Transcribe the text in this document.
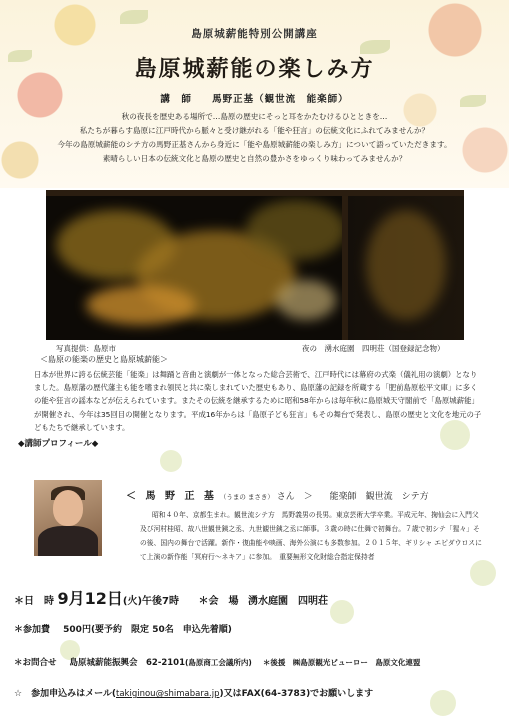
島原城薪能特別公開講座
島原城薪能の楽しみ方
講　師 馬野正基（観世流　能楽師）
秋の夜長を歴史ある場所で…島原の歴史にそっと耳をかたむけるひとときを…
私たちが暮らす島原に江戸時代から脈々と受け継がれる「能や狂言」の伝統文化にふれてみませんか？
今年の島原城薪能のシテ方の馬野正基さんから身近に「能や島原城薪能の楽しみ方」について語っていただきます。
素晴らしい日本の伝統文化と島原の歴史と自然の豊かさをゆっくり味わってみませんか？
写真提供：島原市	夜の　湧水庭園　四明荘（国登録記念物）
＜島原の能楽の歴史と島原城薪能＞

日本が世界に誇る伝統芸能「能楽」は舞踊と音曲と演劇が一体となった総合芸術で、江戸時代には幕府の式楽（儀礼用の演劇）となりました。島原藩の歴代藩主も能を嗜まれ領民と共に楽しまれていた歴史もあり、島原藩の記録を所蔵する「肥前島原松平文庫」に多くの能や狂言の謡本などが伝えられています。またその伝統を継承するために昭和58年からは毎年秋に島原城天守閣前で「島原城薪能」が開催され、今年は35回目の開催となります。平成16年からは「島原子ども狂言」もその舞台で発表し、島原の歴史と文化を地元の子どもたちで継承しています。

◆講師プロフィール◆
＜ 馬 野 正 基 （うまの まさき） さん　＞ 能楽師　観世流　シテ方
昭和４０年、京都生まれ。観世流シテ方　馬野義男の長男。東京芸術大学卒業。平成元年、掬仙会に入門父及び河村桂昭、故八世観世銕之丞、九世観世銕之丞に師事。３歳の時に仕舞で初舞台。７歳で初シテ「猩々」その後、国内の舞台で活躍。新作・復曲能や映画、海外公演にも多数参加。２０１５年、ギリシャ エピダウロスにて上演の新作能「冥府行〜ネキア」に参加。　重要無形文化財総合指定保持者
＊日　時 9月12日(火)午後7時 ＊会　場 湧水庭園　四明荘
＊参加費 500円(要予約　限定 50名　申込先着順)
＊お問合せ 島原城薪能振興会　62-2101(島原商工会議所内) ＊後援　㈱島原観光ビューロー　島原文化連盟
☆　参加申込みはメール(takiginou@shimabara.jp)又はFAX(64-3783)でお願いします
